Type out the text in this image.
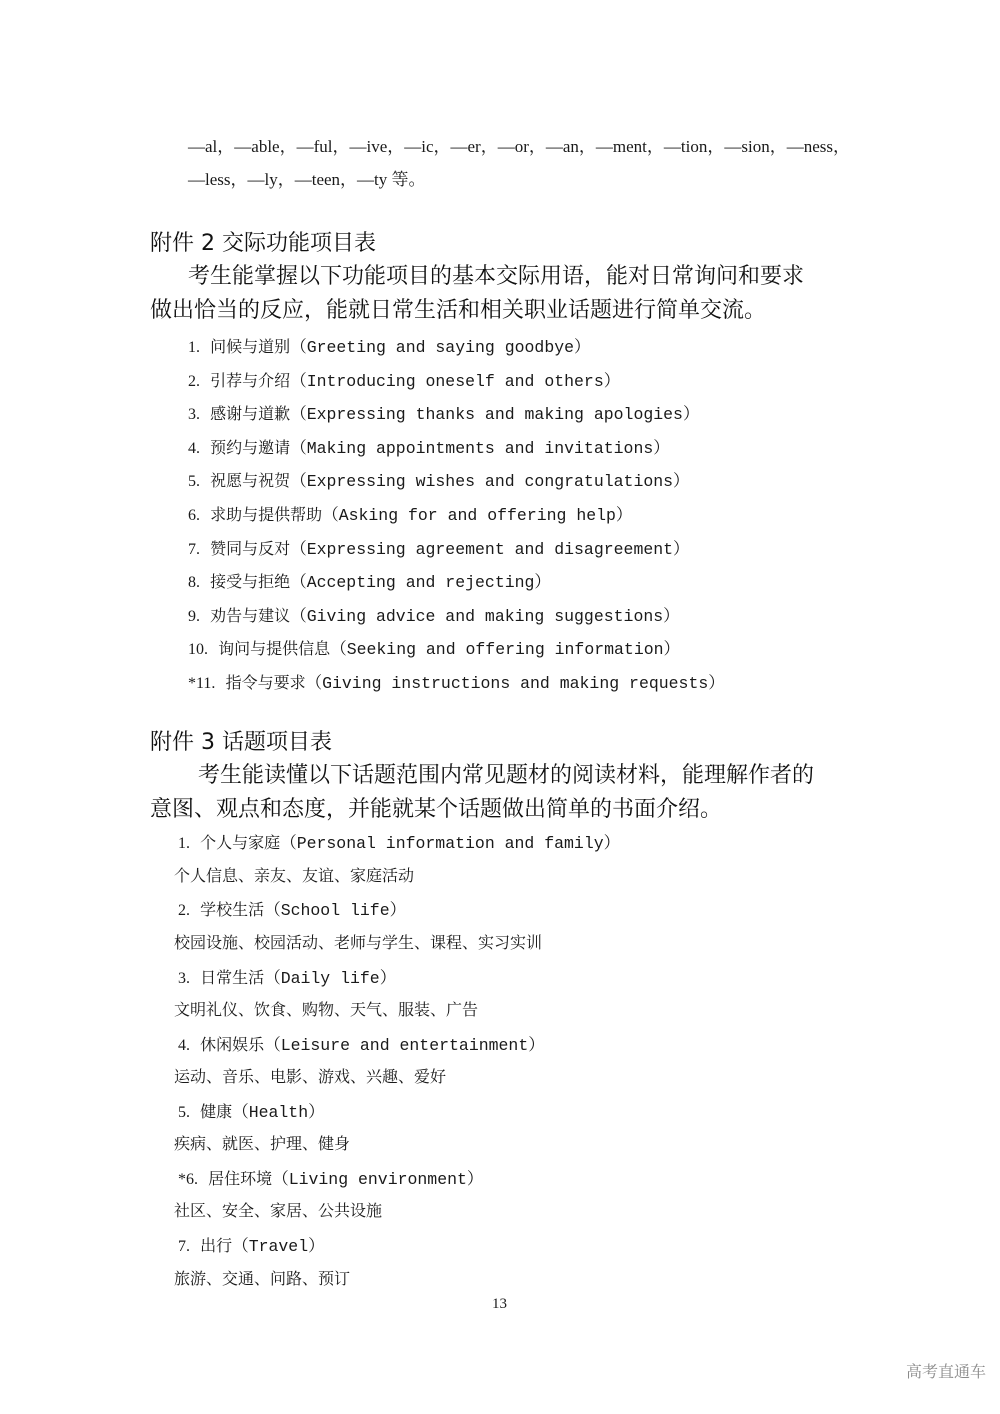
—al，—able，—ful，—ive，—ic，—er，—or，—an，—ment，—tion，—sion，—ness，
—less，—ly，—teen，—ty 等。
附件 2 交际功能项目表
考生能掌握以下功能项目的基本交际用语，能对日常询问和要求
做出恰当的反应，能就日常生活和相关职业话题进行简单交流。
1. 问候与道别（Greeting and saying goodbye）
2. 引荐与介绍（Introducing oneself and others）
3. 感谢与道歉（Expressing thanks and making apologies）
4. 预约与邀请（Making appointments and invitations）
5. 祝愿与祝贺（Expressing wishes and congratulations）
6. 求助与提供帮助（Asking for and offering help）
7. 赞同与反对（Expressing agreement and disagreement）
8. 接受与拒绝（Accepting and rejecting）
9. 劝告与建议（Giving advice and making suggestions）
10. 询问与提供信息（Seeking and offering information）
*11. 指令与要求（Giving instructions and making requests）
附件 3 话题项目表
考生能读懂以下话题范围内常见题材的阅读材料，能理解作者的
意图、观点和态度，并能就某个话题做出简单的书面介绍。
1. 个人与家庭（Personal information and family）
个人信息、亲友、友谊、家庭活动
2. 学校生活（School life）
校园设施、校园活动、老师与学生、课程、实习实训
3. 日常生活（Daily life）
文明礼仪、饮食、购物、天气、服装、广告
4. 休闲娱乐（Leisure and entertainment）
运动、音乐、电影、游戏、兴趣、爱好
5. 健康（Health）
疾病、就医、护理、健身
*6. 居住环境（Living environment）
社区、安全、家居、公共设施
7. 出行（Travel）
旅游、交通、问路、预订
13
高考直通车
